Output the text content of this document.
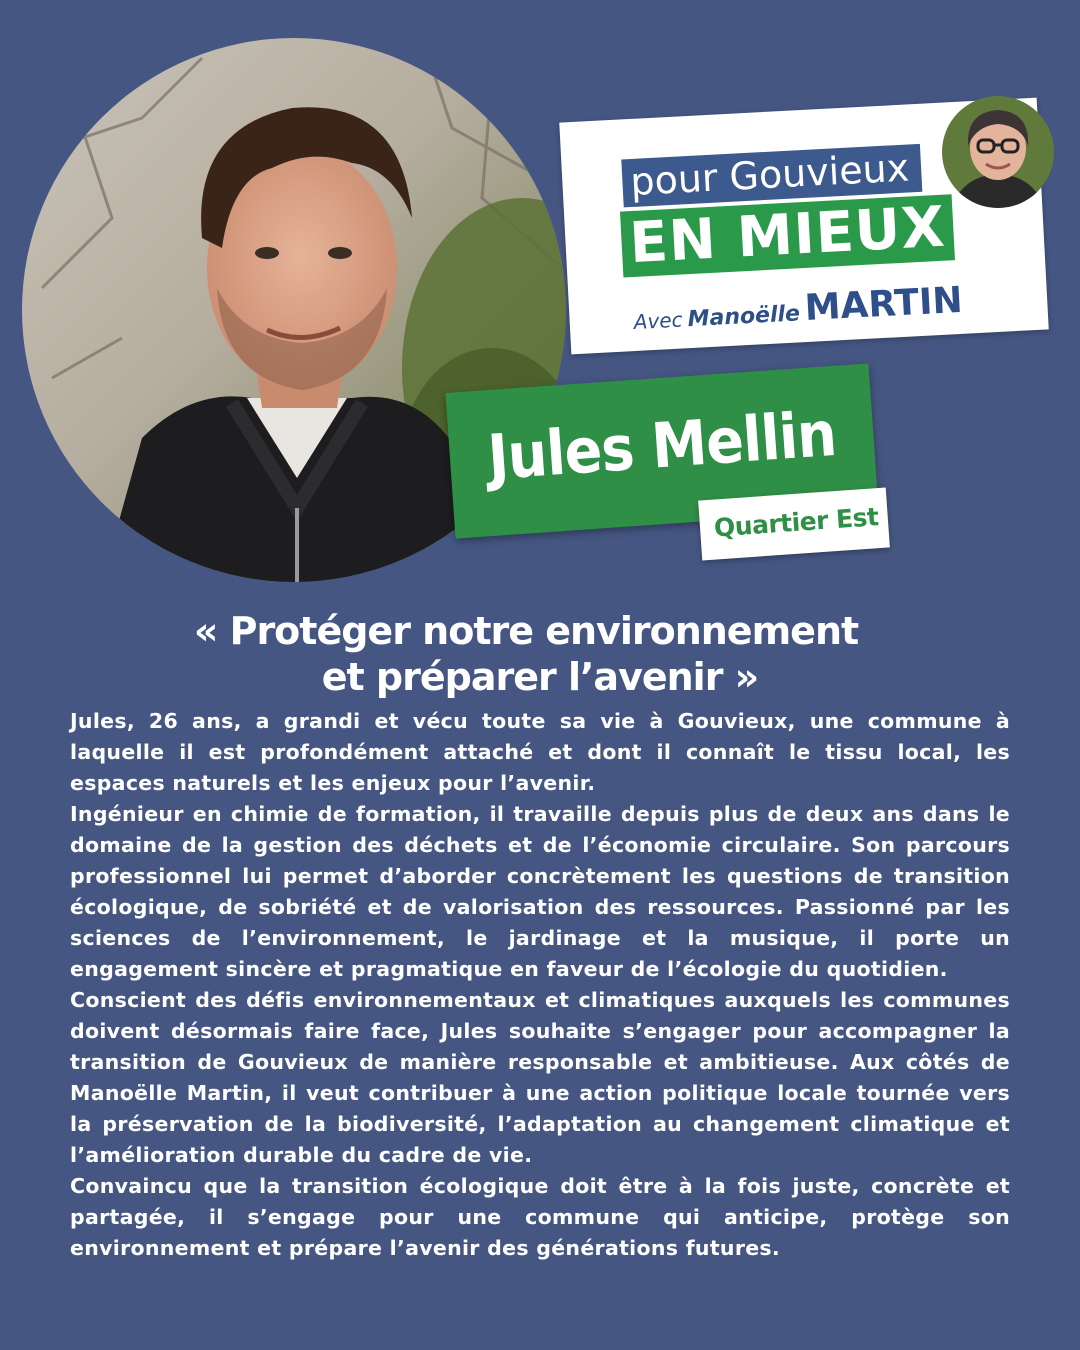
pour Gouvieux
EN MIEUX
Avec Manoëlle MARTIN
Jules Mellin
Quartier Est
« Protéger notre environnement
et préparer l’avenir »

Jules, 26 ans, a grandi et vécu toute sa vie à Gouvieux, une commune à laquelle il est profondément attaché et dont il connaît le tissu local, les espaces naturels et les enjeux pour l’avenir.

Ingénieur en chimie de formation, il travaille depuis plus de deux ans dans le domaine de la gestion des déchets et de l’économie circulaire. Son parcours professionnel lui permet d’aborder concrètement les questions de transition écologique, de sobriété et de valorisation des ressources. Passionné par les sciences de l’environnement, le jardinage et la musique, il porte un engagement sincère et pragmatique en faveur de l’écologie du quotidien.

Conscient des défis environnementaux et climatiques auxquels les communes doivent désormais faire face, Jules souhaite s’engager pour accompagner la transition de Gouvieux de manière responsable et ambitieuse. Aux côtés de Manoëlle Martin, il veut contribuer à une action politique locale tournée vers la préservation de la biodiversité, l’adaptation au changement climatique et l’amélioration durable du cadre de vie.

Convaincu que la transition écologique doit être à la fois juste, concrète et partagée, il s’engage pour une commune qui anticipe, protège son environnement et prépare l’avenir des générations futures.
